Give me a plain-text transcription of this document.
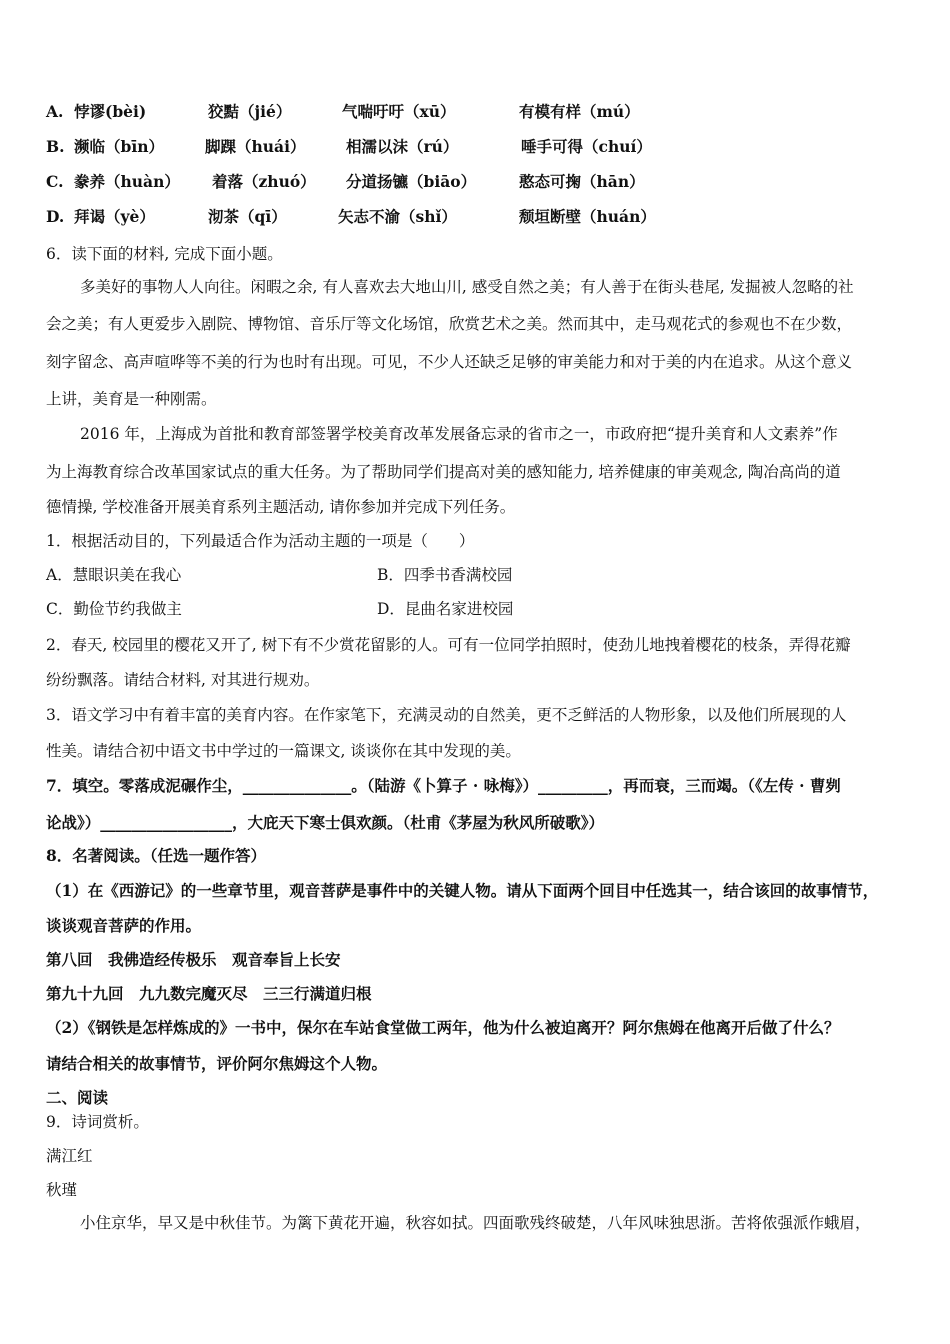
A. 悖谬(bèi)	狡黠（jié）	气喘吁吁（xū）	有模有样（mú）
B. 濒临（bīn）	脚踝（huái）	相濡以沫（rú）	唾手可得（chuí）
C. 豢养（huàn） 着落（zhuó） 分道扬镳（biāo）	憨态可掬（hān）
D. 拜谒（yè）	沏茶（qī）	矢志不渝（shǐ）	颓垣断壁（huán）
6．读下面的材料, 完成下面小题。
多美好的事物人人向往。闲暇之余, 有人喜欢去大地山川, 感受自然之美；有人善于在街头巷尾, 发掘被人忽略的社
会之美；有人更爱步入剧院、博物馆、音乐厅等文化场馆，欣赏艺术之美。然而其中，走马观花式的参观也不在少数，
刻字留念、高声喧哗等不美的行为也时有出现。可见，不少人还缺乏足够的审美能力和对于美的内在追求。从这个意义
上讲，美育是一种刚需。
2016 年，上海成为首批和教育部签署学校美育改革发展备忘录的省市之一，市政府把“提升美育和人文素养”作
为上海教育综合改革国家试点的重大任务。为了帮助同学们提高对美的感知能力, 培养健康的审美观念, 陶冶高尚的道
德情操, 学校准备开展美育系列主题活动, 请你参加并完成下列任务。
1．根据活动目的，下列最适合作为活动主题的一项是（　　）
A．慧眼识美在我心	B．四季书香满校园
C．勤俭节约我做主	D．昆曲名家进校园
2．春天, 校园里的樱花又开了, 树下有不少赏花留影的人。可有一位同学拍照时，使劲儿地拽着樱花的枝条，弄得花瓣
纷纷飘落。请结合材料, 对其进行规劝。
3．语文学习中有着丰富的美育内容。在作家笔下，充满灵动的自然美，更不乏鲜活的人物形象，以及他们所展现的人
性美。请结合初中语文书中学过的一篇课文, 谈谈你在其中发现的美。
7．填空。零落成泥碾作尘，______________。（陆游《卜算子 · 咏梅》）_________，再而衰，三而竭。（《左传 · 曹刿
论战》）_________________，大庇天下寒士俱欢颜。（杜甫《茅屋为秋风所破歌》）
8．名著阅读。（任选一题作答）
（1）在《西游记》的一些章节里，观音菩萨是事件中的关键人物。请从下面两个回目中任选其一，结合该回的故事情节，
谈谈观音菩萨的作用。
第八回　我佛造经传极乐　观音奉旨上长安
第九十九回　九九数完魔灭尽　三三行满道归根
（2）《钢铁是怎样炼成的》一书中，保尔在车站食堂做工两年，他为什么被迫离开？阿尔焦姆在他离开后做了什么？
请结合相关的故事情节，评价阿尔焦姆这个人物。
二、阅读
9．诗词赏析。
满江红
秋瑾
小住京华，早又是中秋佳节。为篱下黄花开遍，秋容如拭。四面歌残终破楚，八年风味独思浙。苦将侬强派作蛾眉，
